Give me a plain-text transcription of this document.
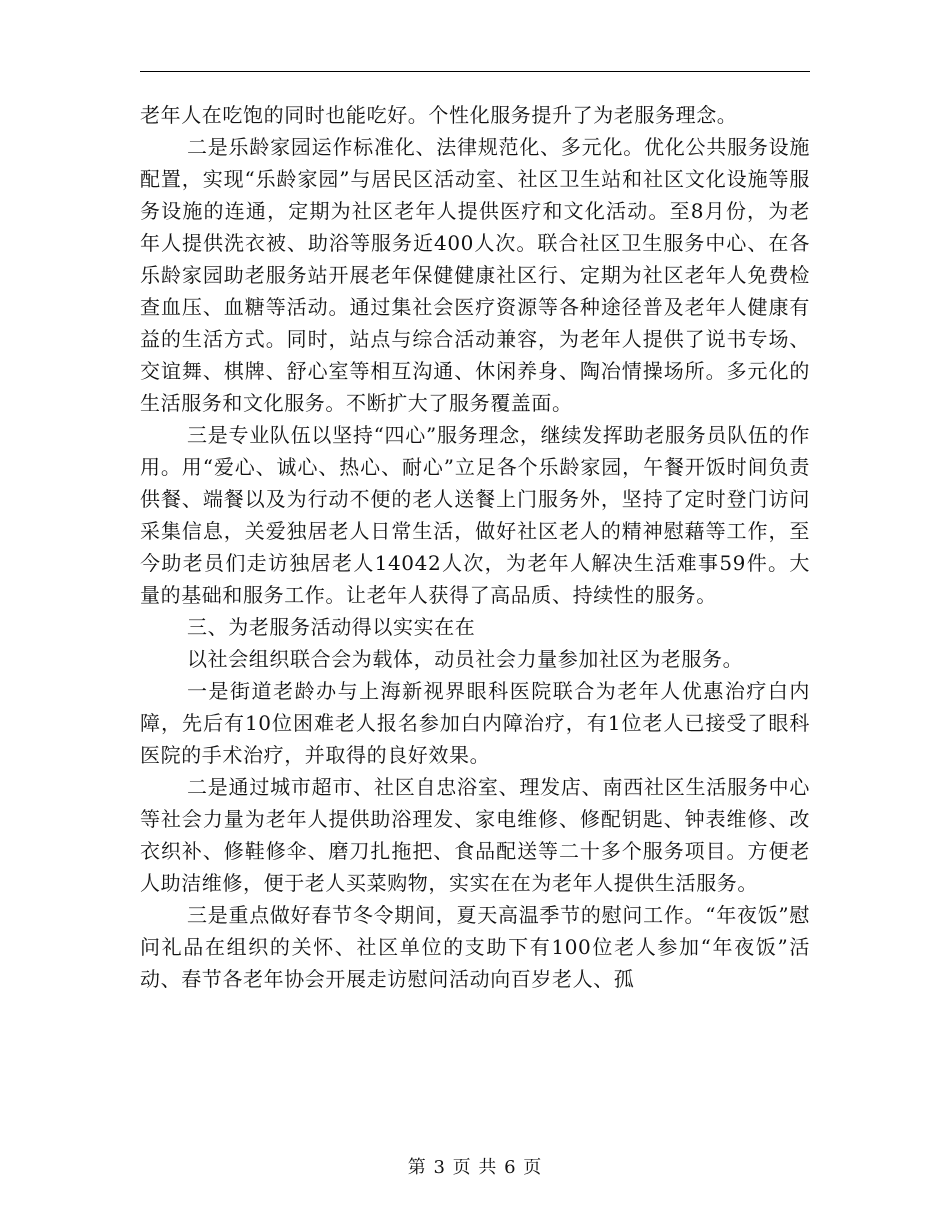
老年人在吃饱的同时也能吃好。个性化服务提升了为老服务理念。

二是乐龄家园运作标准化、法律规范化、多元化。优化公共服务设施配置，实现“乐龄家园”与居民区活动室、社区卫生站和社区文化设施等服务设施的连通，定期为社区老年人提供医疗和文化活动。至8月份，为老年人提供洗衣被、助浴等服务近400人次。联合社区卫生服务中心、在各乐龄家园助老服务站开展老年保健健康社区行、定期为社区老年人免费检查血压、血糖等活动。通过集社会医疗资源等各种途径普及老年人健康有益的生活方式。同时，站点与综合活动兼容，为老年人提供了说书专场、交谊舞、棋牌、舒心室等相互沟通、休闲养身、陶冶情操场所。多元化的生活服务和文化服务。不断扩大了服务覆盖面。

三是专业队伍以坚持“四心”服务理念，继续发挥助老服务员队伍的作用。用“爱心、诚心、热心、耐心”立足各个乐龄家园，午餐开饭时间负责供餐、端餐以及为行动不便的老人送餐上门服务外，坚持了定时登门访问采集信息，关爱独居老人日常生活，做好社区老人的精神慰藉等工作，至今助老员们走访独居老人14042人次，为老年人解决生活难事59件。大量的基础和服务工作。让老年人获得了高品质、持续性的服务。

三、为老服务活动得以实实在在

以社会组织联合会为载体，动员社会力量参加社区为老服务。

一是街道老龄办与上海新视界眼科医院联合为老年人优惠治疗白内障，先后有10位困难老人报名参加白内障治疗，有1位老人已接受了眼科医院的手术治疗，并取得的良好效果。

二是通过城市超市、社区自忠浴室、理发店、南西社区生活服务中心等社会力量为老年人提供助浴理发、家电维修、修配钥匙、钟表维修、改衣织补、修鞋修伞、磨刀扎拖把、食品配送等二十多个服务项目。方便老人助洁维修，便于老人买菜购物，实实在在为老年人提供生活服务。

三是重点做好春节冬令期间，夏天高温季节的慰问工作。“年夜饭”慰问礼品在组织的关怀、社区单位的支助下有100位老人参加“年夜饭”活动、春节各老年协会开展走访慰问活动向百岁老人、孤

第 3 页 共 6 页
